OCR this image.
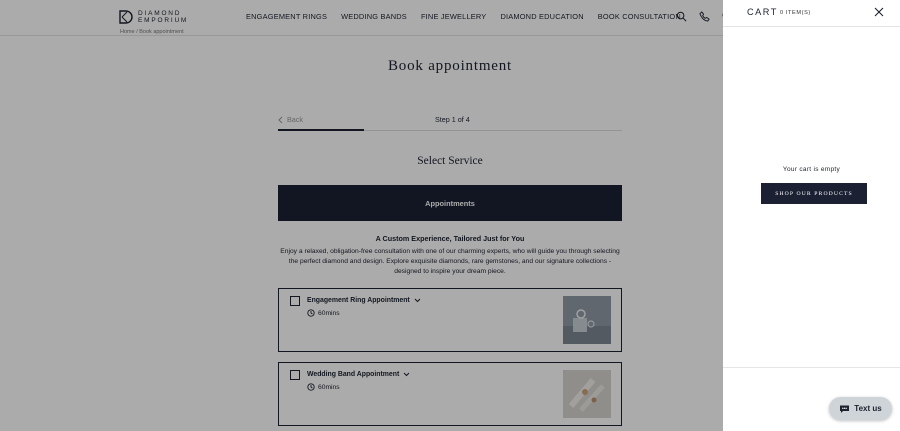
DIAMOND
EMPORIUM	ENGAGEMENT RINGS WEDDING BANDS FINE JEWELLERY DIAMOND EDUCATION BOOK CONSULTATION
Home / Book appointment
Book appointment
Back	Step 1 of 4
Select Service
Appointments
A Custom Experience, Tailored Just for You
Enjoy a relaxed, obligation-free consultation with one of our charming experts, who will guide you through selecting the perfect diamond and design. Explore exquisite diamonds, rare gemstones, and our signature collections - designed to inspire your dream piece.
Engagement Ring Appointment
60mins
Wedding Band Appointment
60mins
CART 0 ITEM(S)
Your cart is empty
SHOP OUR PRODUCTS
Text us
